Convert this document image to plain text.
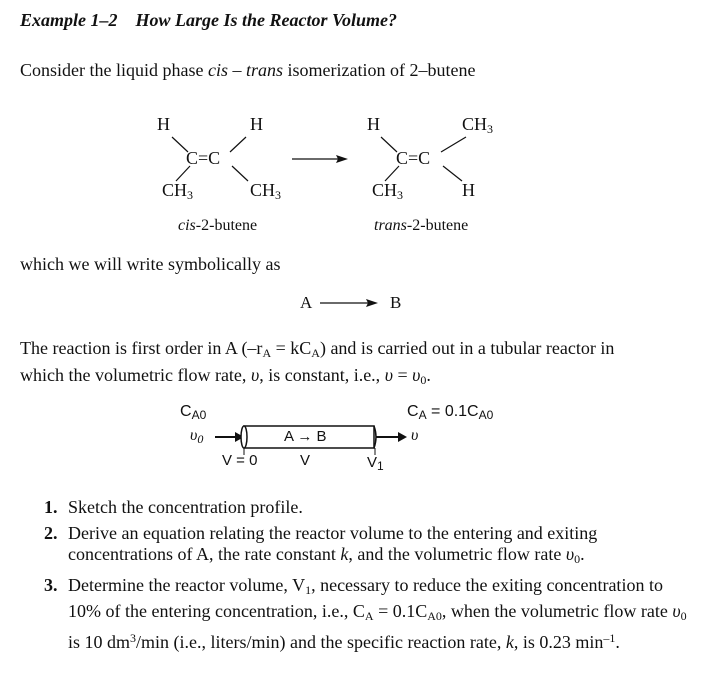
Example 1–2 How Large Is the Reactor Volume?
Consider the liquid phase cis – trans isomerization of 2–butene
H	H
C=C
$CH_3$	$CH_3$
cis-2-butene
H	$CH_3$
C=C
$CH_3$	H
trans-2-butene
which we will write symbolically as
A	B
The reaction is first order in A $(-r_A = kC_A)$ and is carried out in a tubular reactor in
which the volumetric flow rate, υ, is constant, i.e., $\upsilon = \upsilon_0$.
$C_{A0}$
$\upsilon_0$	A → B
$C_A = 0.1C_{A0}$
υ
V = 0	V	$V_1$
1. Sketch the concentration profile.
2. Derive an equation relating the reactor volume to the entering and exiting concentrations of A, the rate constant k, and the volumetric flow rate $\upsilon_0$.
3. Determine the reactor volume, $V_1$, necessary to reduce the exiting concentration to 10% of the entering concentration, i.e., $C_A = 0.1C_{A0}$, when the volumetric flow rate $\upsilon_0$ is 10 $dm^3/\min$ (i.e., liters/min) and the specific reaction rate, k, is 0.23 $\min^{-1}$.
